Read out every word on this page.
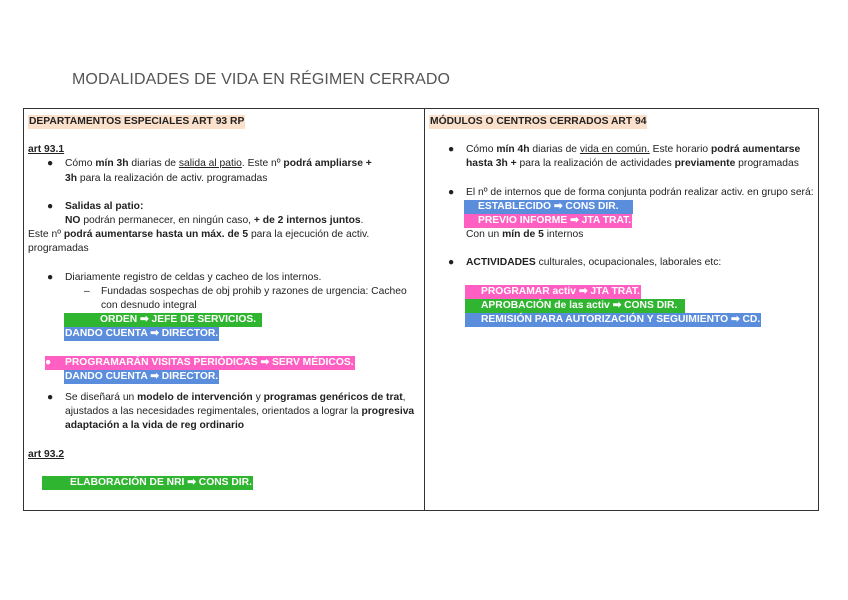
MODALIDADES DE VIDA EN RÉGIMEN CERRADO
DEPARTAMENTOS ESPECIALES ART 93 RP
art 93.1
● Cómo mín 3h diarias de salida al patio. Este nº podrá ampliarse +
3h para la realización de activ. programadas
● Salidas al patio:
NO podrán permanecer, en ningún caso, + de 2 internos juntos.
Este nº podrá aumentarse hasta un máx. de 5 para la ejecución de activ. programadas
● Diariamente registro de celdas y cacheo de los internos.
– Fundadas sospechas de obj prohib y razones de urgencia: Cacheo con desnudo integral
ORDEN ➡ JEFE DE SERVICIOS.
DANDO CUENTA ➡ DIRECTOR.
●	PROGRAMARÁN VISITAS PERIÓDICAS ➡ SERV MÉDICOS.
DANDO CUENTA ➡ DIRECTOR.
● Se diseñará un modelo de intervención y programas genéricos de trat, ajustados a las necesidades regimentales, orientados a lograr la progresiva adaptación a la vida de reg ordinario
art 93.2
ELABORACIÓN DE NRI ➡ CONS DIR.
MÓDULOS O CENTROS CERRADOS ART 94
● Cómo mín 4h diarias de vida en común. Este horario podrá aumentarse hasta 3h + para la realización de actividades previamente programadas
● El nº de internos que de forma conjunta podrán realizar activ. en grupo será:
ESTABLECIDO ➡ CONS DIR.
PREVIO INFORME ➡ JTA TRAT.
Con un mín de 5 internos
● ACTIVIDADES culturales, ocupacionales, laborales etc:
PROGRAMAR activ ➡ JTA TRAT.
APROBACIÓN de las activ ➡ CONS DIR.
REMISIÓN PARA AUTORIZACIÓN Y SEGUIMIENTO ➡ CD.
